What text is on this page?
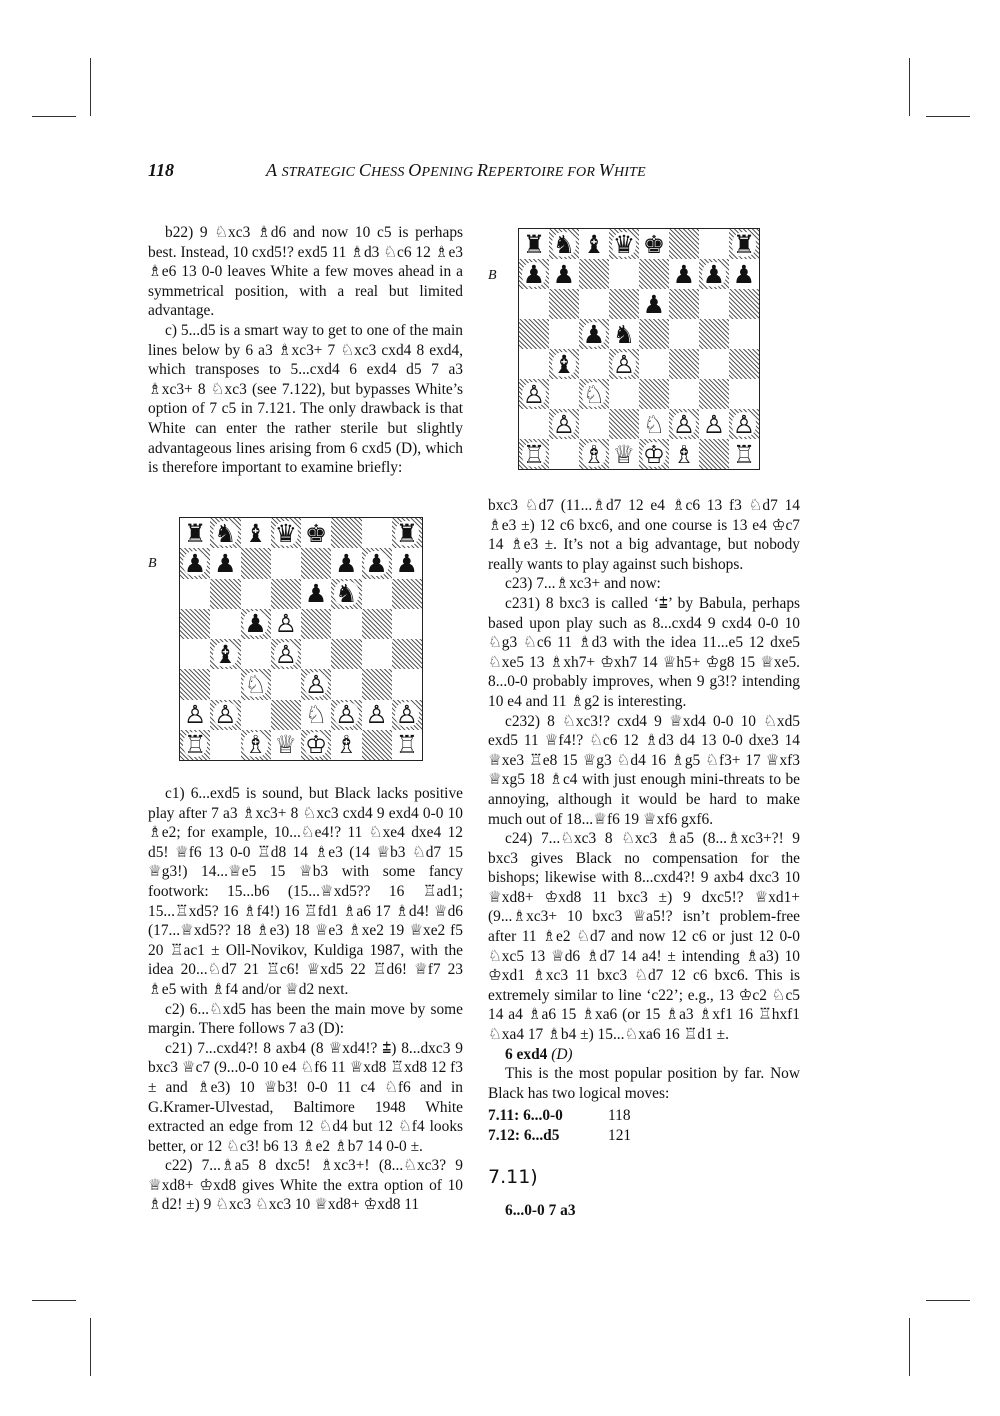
118	A STRATEGIC CHESS OPENING REPERTOIRE FOR WHITE
B
♜ ♞ ♝ ♛ ♚	♜
♟ ♟	♟ ♟ ♟
♟ ♞
♟ ♙
♝ ♙
♘ ♙
♙ ♙	♘ ♙ ♙ ♙
♖ ♗ ♕ ♔ ♗ ♖
B
♜ ♞ ♝ ♛ ♚	♜
♟ ♟	♟ ♟ ♟
♟
♟ ♞
♝ ♙
♙ ♘
♙	♘ ♙ ♙ ♙
♖ ♗ ♕ ♔ ♗ ♖

b22) 9 ♘xc3 ♗d6 and now 10 c5 is perhaps best. Instead, 10 cxd5!? exd5 11 ♗d3 ♘c6 12 ♗e3 ♗e6 13 0-0 leaves White a few moves ahead in a symmetrical position, with a real but limited advantage.

c) 5...d5 is a smart way to get to one of the main lines below by 6 a3 ♗xc3+ 7 ♘xc3 cxd4 8 exd4, which transposes to 5...cxd4 6 exd4 d5 7 a3 ♗xc3+ 8 ♘xc3 (see 7.122), but bypasses White’s option of 7 c5 in 7.121. The only drawback is that White can enter the rather sterile but slightly advantageous lines arising from 6 cxd5 (D), which is therefore important to examine briefly:

c1) 6...exd5 is sound, but Black lacks positive play after 7 a3 ♗xc3+ 8 ♘xc3 cxd4 9 exd4 0-0 10 ♗e2; for example, 10...♘e4!? 11 ♘xe4 dxe4 12 d5! ♕f6 13 0-0 ♖d8 14 ♗e3 (14 ♕b3 ♘d7 15 ♕g3!) 14...♕e5 15 ♕b3 with some fancy footwork: 15...b6 (15...♕xd5?? 16 ♖ad1; 15...♖xd5? 16 ♗f4!) 16 ♖fd1 ♗a6 17 ♗d4! ♕d6 (17...♕xd5?? 18 ♗e3) 18 ♕e3 ♗xe2 19 ♕xe2 f5 20 ♖ac1 ± Oll-Novikov, Kuldiga 1987, with the idea 20...♘d7 21 ♖c6! ♕xd5 22 ♖d6! ♕f7 23 ♗e5 with ♗f4 and/or ♕d2 next.

c2) 6...♘xd5 has been the main move by some margin. There follows 7 a3 (D):

c21) 7...cxd4?! 8 axb4 (8 ♕xd4!? ⩲) 8...dxc3 9 bxc3 ♕c7 (9...0-0 10 e4 ♘f6 11 ♕xd8 ♖xd8 12 f3 ± and ♗e3) 10 ♕b3! 0-0 11 c4 ♘f6 and in G.Kramer-Ulvestad, Baltimore 1948 White extracted an edge from 12 ♘d4 but 12 ♘f4 looks better, or 12 ♘c3! b6 13 ♗e2 ♗b7 14 0-0 ±.

c22) 7...♗a5 8 dxc5! ♗xc3+! (8...♘xc3? 9 ♕xd8+ ♔xd8 gives White the extra option of 10 ♗d2! ±) 9 ♘xc3 ♘xc3 10 ♕xd8+ ♔xd8 11

bxc3 ♘d7 (11...♗d7 12 e4 ♗c6 13 f3 ♘d7 14 ♗e3 ±) 12 c6 bxc6, and one course is 13 e4 ♔c7 14 ♗e3 ±. It’s not a big advantage, but nobody really wants to play against such bishops.

c23) 7...♗xc3+ and now:

c231) 8 bxc3 is called ‘⩲’ by Babula, perhaps based upon play such as 8...cxd4 9 cxd4 0-0 10 ♘g3 ♘c6 11 ♗d3 with the idea 11...e5 12 dxe5 ♘xe5 13 ♗xh7+ ♔xh7 14 ♕h5+ ♔g8 15 ♕xe5. 8...0-0 probably improves, when 9 g3!? intending 10 e4 and 11 ♗g2 is interesting.

c232) 8 ♘xc3!? cxd4 9 ♕xd4 0-0 10 ♘xd5 exd5 11 ♕f4!? ♘c6 12 ♗d3 d4 13 0-0 dxe3 14 ♕xe3 ♖e8 15 ♕g3 ♘d4 16 ♗g5 ♘f3+ 17 ♕xf3 ♕xg5 18 ♗c4 with just enough mini-threats to be annoying, although it would be hard to make much out of 18...♕f6 19 ♕xf6 gxf6.

c24) 7...♘xc3 8 ♘xc3 ♗a5 (8...♗xc3+?! 9 bxc3 gives Black no compensation for the bishops; likewise with 8...cxd4?! 9 axb4 dxc3 10 ♕xd8+ ♔xd8 11 bxc3 ±) 9 dxc5!? ♕xd1+ (9...♗xc3+ 10 bxc3 ♕a5!? isn’t problem-free after 11 ♗e2 ♘d7 and now 12 c6 or just 12 0-0 ♘xc5 13 ♕d6 ♗d7 14 a4! ± intending ♗a3) 10 ♔xd1 ♗xc3 11 bxc3 ♘d7 12 c6 bxc6. This is extremely similar to line ‘c22’; e.g., 13 ♔c2 ♘c5 14 a4 ♗a6 15 ♗xa6 (or 15 ♗a3 ♗xf1 16 ♖hxf1 ♘xa4 17 ♗b4 ±) 15...♘xa6 16 ♖d1 ±.

6 exd4 (D)

This is the most popular position by far. Now Black has two logical moves:

7.11: 6...0-0	118
7.12: 6...d5	121
7.11)

6...0-0 7 a3
